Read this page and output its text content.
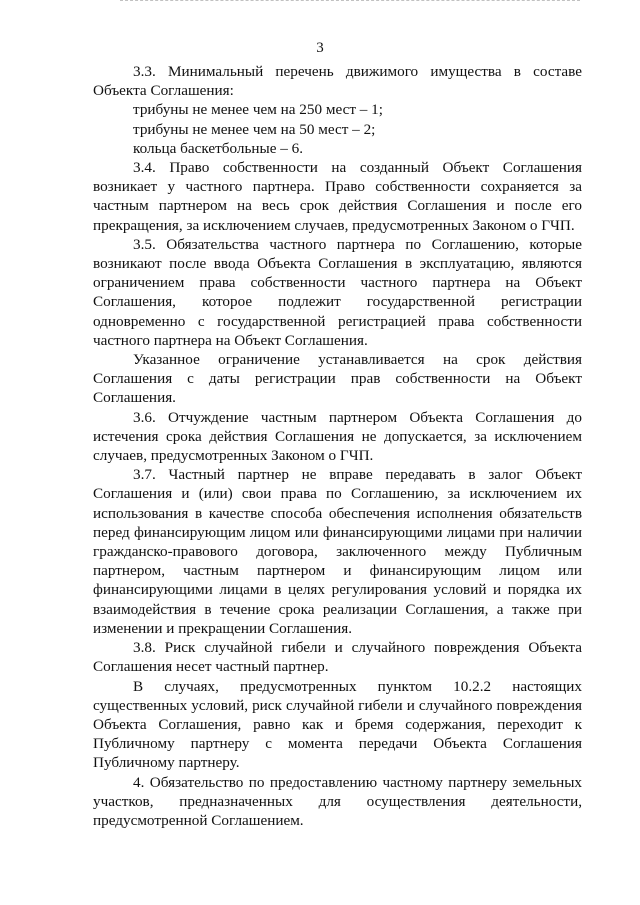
3

3.3. Минимальный перечень движимого имущества в составе Объекта Соглашения:

трибуны не менее чем на 250 мест – 1;

трибуны не менее чем на 50 мест – 2;

кольца баскетбольные – 6.

3.4. Право собственности на созданный Объект Соглашения возникает у частного партнера. Право собственности сохраняется за частным партнером на весь срок действия Соглашения и после его прекращения, за исключением случаев, предусмотренных Законом о ГЧП.

3.5. Обязательства частного партнера по Соглашению, которые возникают после ввода Объекта Соглашения в эксплуатацию, являются ограничением права собственности частного партнера на Объект Соглашения, которое подлежит государственной регистрации одновременно с государственной регистрацией права собственности частного партнера на Объект Соглашения.

Указанное ограничение устанавливается на срок действия Соглашения с даты регистрации прав собственности на Объект Соглашения.

3.6. Отчуждение частным партнером Объекта Соглашения до истечения срока действия Соглашения не допускается, за исключением случаев, предусмотренных Законом о ГЧП.

3.7. Частный партнер не вправе передавать в залог Объект Соглашения и (или) свои права по Соглашению, за исключением их использования в качестве способа обеспечения исполнения обязательств перед финансирующим лицом или финансирующими лицами при наличии гражданско-правового договора, заключенного между Публичным партнером, частным партнером и финансирующим лицом или финансирующими лицами в целях регулирования условий и порядка их взаимодействия в течение срока реализации Соглашения, а также при изменении и прекращении Соглашения.

3.8. Риск случайной гибели и случайного повреждения Объекта Соглашения несет частный партнер.

В случаях, предусмотренных пунктом 10.2.2 настоящих существенных условий, риск случайной гибели и случайного повреждения Объекта Соглашения, равно как и бремя содержания, переходит к Публичному партнеру с момента передачи Объекта Соглашения Публичному партнеру.

4. Обязательство по предоставлению частному партнеру земельных участков, предназначенных для осуществления деятельности, предусмотренной Соглашением.
